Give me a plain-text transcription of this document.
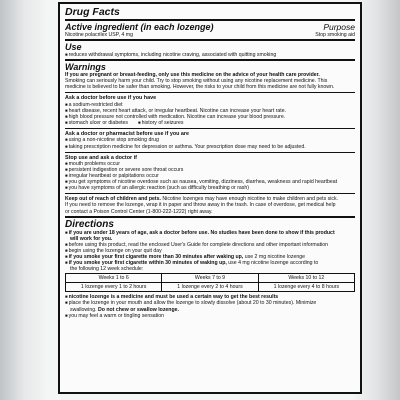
Drug Facts
Active ingredient (in each lozenge)	Purpose
Nicotine polacrilex USP, 4 mg	Stop smoking aid
Use
■ reduces withdrawal symptoms, including nicotine craving, associated with quitting smoking
Warnings
If you are pregnant or breast-feeding, only use this medicine on the advice of your health care provider.
Smoking can seriously harm your child. Try to stop smoking without using any nicotine replacement medicine. This
medicine is believed to be safer than smoking. However, the risks to your child from this medicine are not fully known.
Ask a doctor before use if you have
■ a sodium-restricted diet
■ heart disease, recent heart attack, or irregular heartbeat. Nicotine can increase your heart rate.
■ high blood pressure not controlled with medication. Nicotine can increase your blood pressure.
■ stomach ulcer or diabetes	■ history of seizures
Ask a doctor or pharmacist before use if you are
■ using a non-nicotine stop smoking drug
■ taking prescription medicine for depression or asthma. Your prescription dose may need to be adjusted.
Stop use and ask a doctor if
■ mouth problems occur
■ persistent indigestion or severe sore throat occurs
■ irregular heartbeat or palpitations occur
■ you get symptoms of nicotine overdose such as nausea, vomiting, dizziness, diarrhea, weakness and rapid heartbeat
■ you have symptoms of an allergic reaction (such as difficulty breathing or rash)
Keep out of reach of children and pets. Nicotine lozenges may have enough nicotine to make children and pets sick.
If you need to remove the lozenge, wrap it in paper and throw away in the trash. In case of overdose, get medical help
or contact a Poison Control Center (1-800-222-1222) right away.
Directions
■ if you are under 18 years of age, ask a doctor before use. No studies have been done to show if this product
will work for you.
■ before using this product, read the enclosed User's Guide for complete directions and other important information
■ begin using the lozenge on your quit day
■ if you smoke your first cigarette more than 30 minutes after waking up, use 2 mg nicotine lozenge
■ if you smoke your first cigarette within 30 minutes of waking up, use 4 mg nicotine lozenge according to
the following 12 week schedule:
Weeks 1 to 6	Weeks 7 to 9	Weeks 10 to 12
1 lozenge every 1 to 2 hours	1 lozenge every 2 to 4 hours	1 lozenge every 4 to 8 hours
■ nicotine lozenge is a medicine and must be used a certain way to get the best results
■ place the lozenge in your mouth and allow the lozenge to slowly dissolve (about 20 to 30 minutes). Minimize
swallowing. Do not chew or swallow lozenge.
■ you may feel a warm or tingling sensation
